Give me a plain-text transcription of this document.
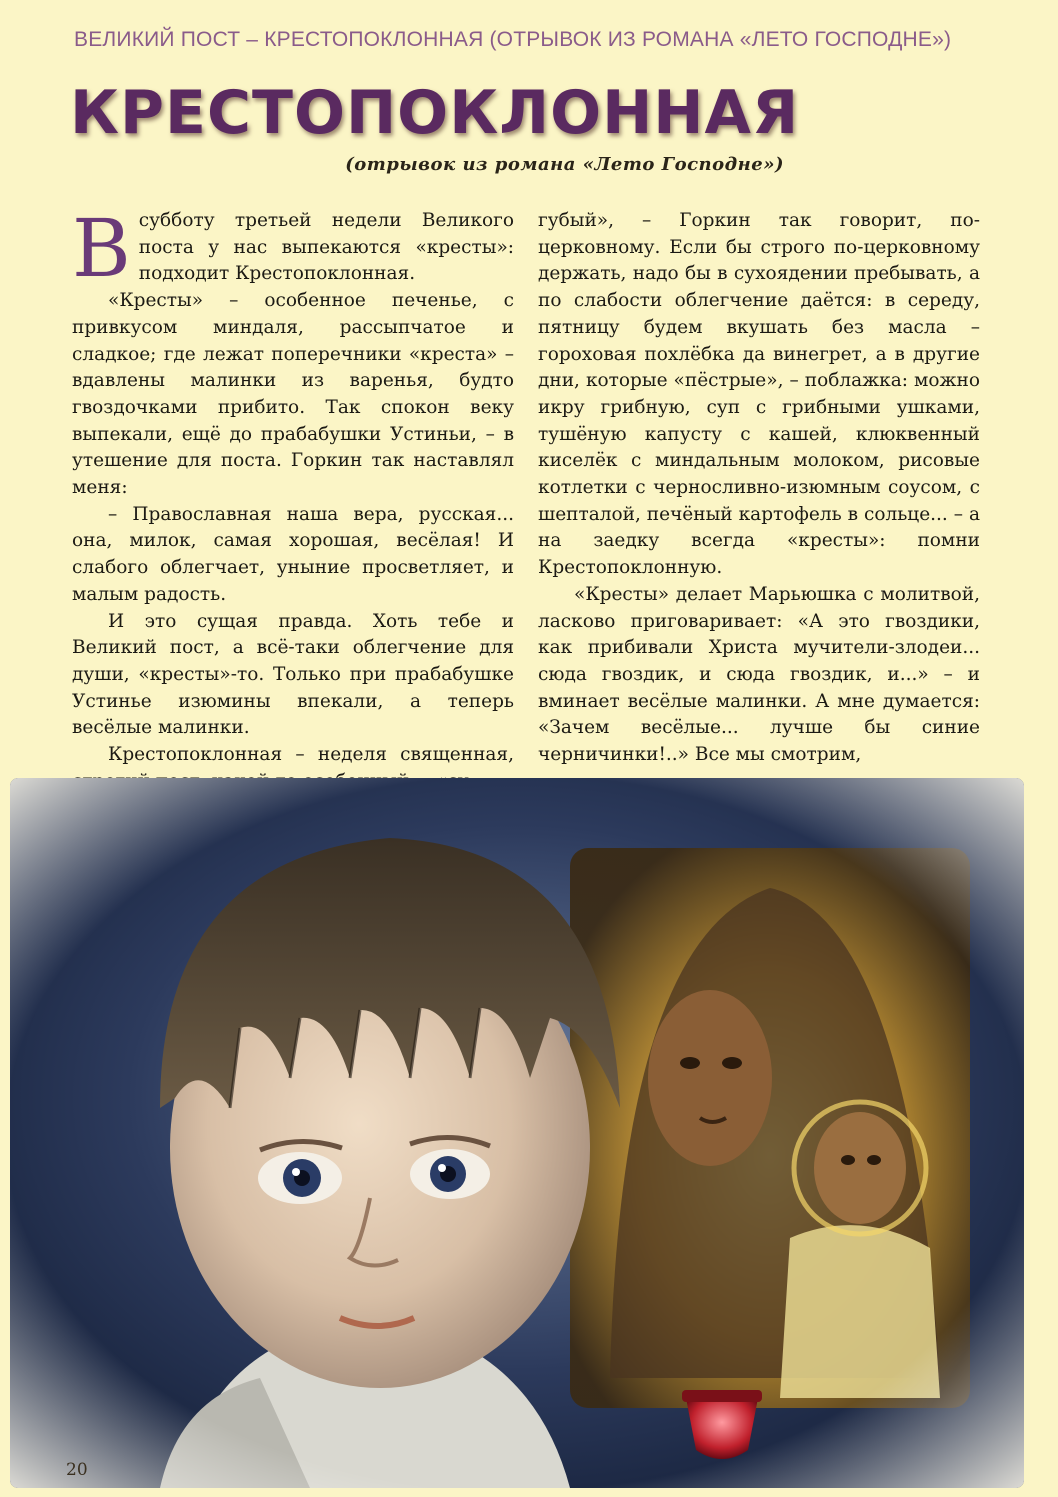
ВЕЛИКИЙ ПОСТ – КРЕСТОПОКЛОННАЯ (ОТРЫВОК ИЗ РОМАНА «ЛЕТО ГОСПОДНЕ»)
КРЕСТОПОКЛОННАЯ
(отрывок из романа «Лето Господне»)

Всубботу третьей недели Великого поста у нас выпекаются «кресты»: подходит Крестопоклонная.

«Кресты» – особенное печенье, с привкусом миндаля, рассыпчатое и сладкое; где лежат поперечники «креста» – вдавлены малинки из варенья, будто гвоздочками прибито. Так спокон веку выпекали, ещё до прабабушки Устиньи, – в утешение для поста. Горкин так наставлял меня:

– Православная наша вера, русская... она, милок, самая хорошая, весёлая! И слабого облегчает, уныние просветляет, и малым радость.

И это сущая правда. Хоть тебе и Великий пост, а всё-таки облегчение для души, «кресты»-то. Только при прабабушке Устинье изюмины впекали, а теперь весёлые малинки.

Крестопоклонная – неделя священная,

губый», – Горкин так говорит, по-церковному. Если бы строго по-церковному держать, надо бы в сухоядении пребывать, а по слабости облегчение даётся: в середу, пятницу будем вкушать без масла – гороховая похлёбка да винегрет, а в другие дни, которые «пёстрые», – поблажка: можно икру грибную, суп с грибными ушками, тушёную капусту с кашей, клюквенный киселёк с миндальным молоком, рисовые котлетки с черносливно-изюмным соусом, с шепталой, печёный картофель в сольце... – а на заедку всегда «кресты»: помни Крестопоклонную.

«Кресты» делает Марьюшка с молитвой, ласково приговаривает: «А это гвоздики, как прибивали Христа мучители-злодеи... сюда гвоздик, и сюда гвоздик, и...» – и вминает весёлые малинки. А мне думается: «Зачем весёлые... лучше бы синие черничинки!..» Все мы смотрим,

20
